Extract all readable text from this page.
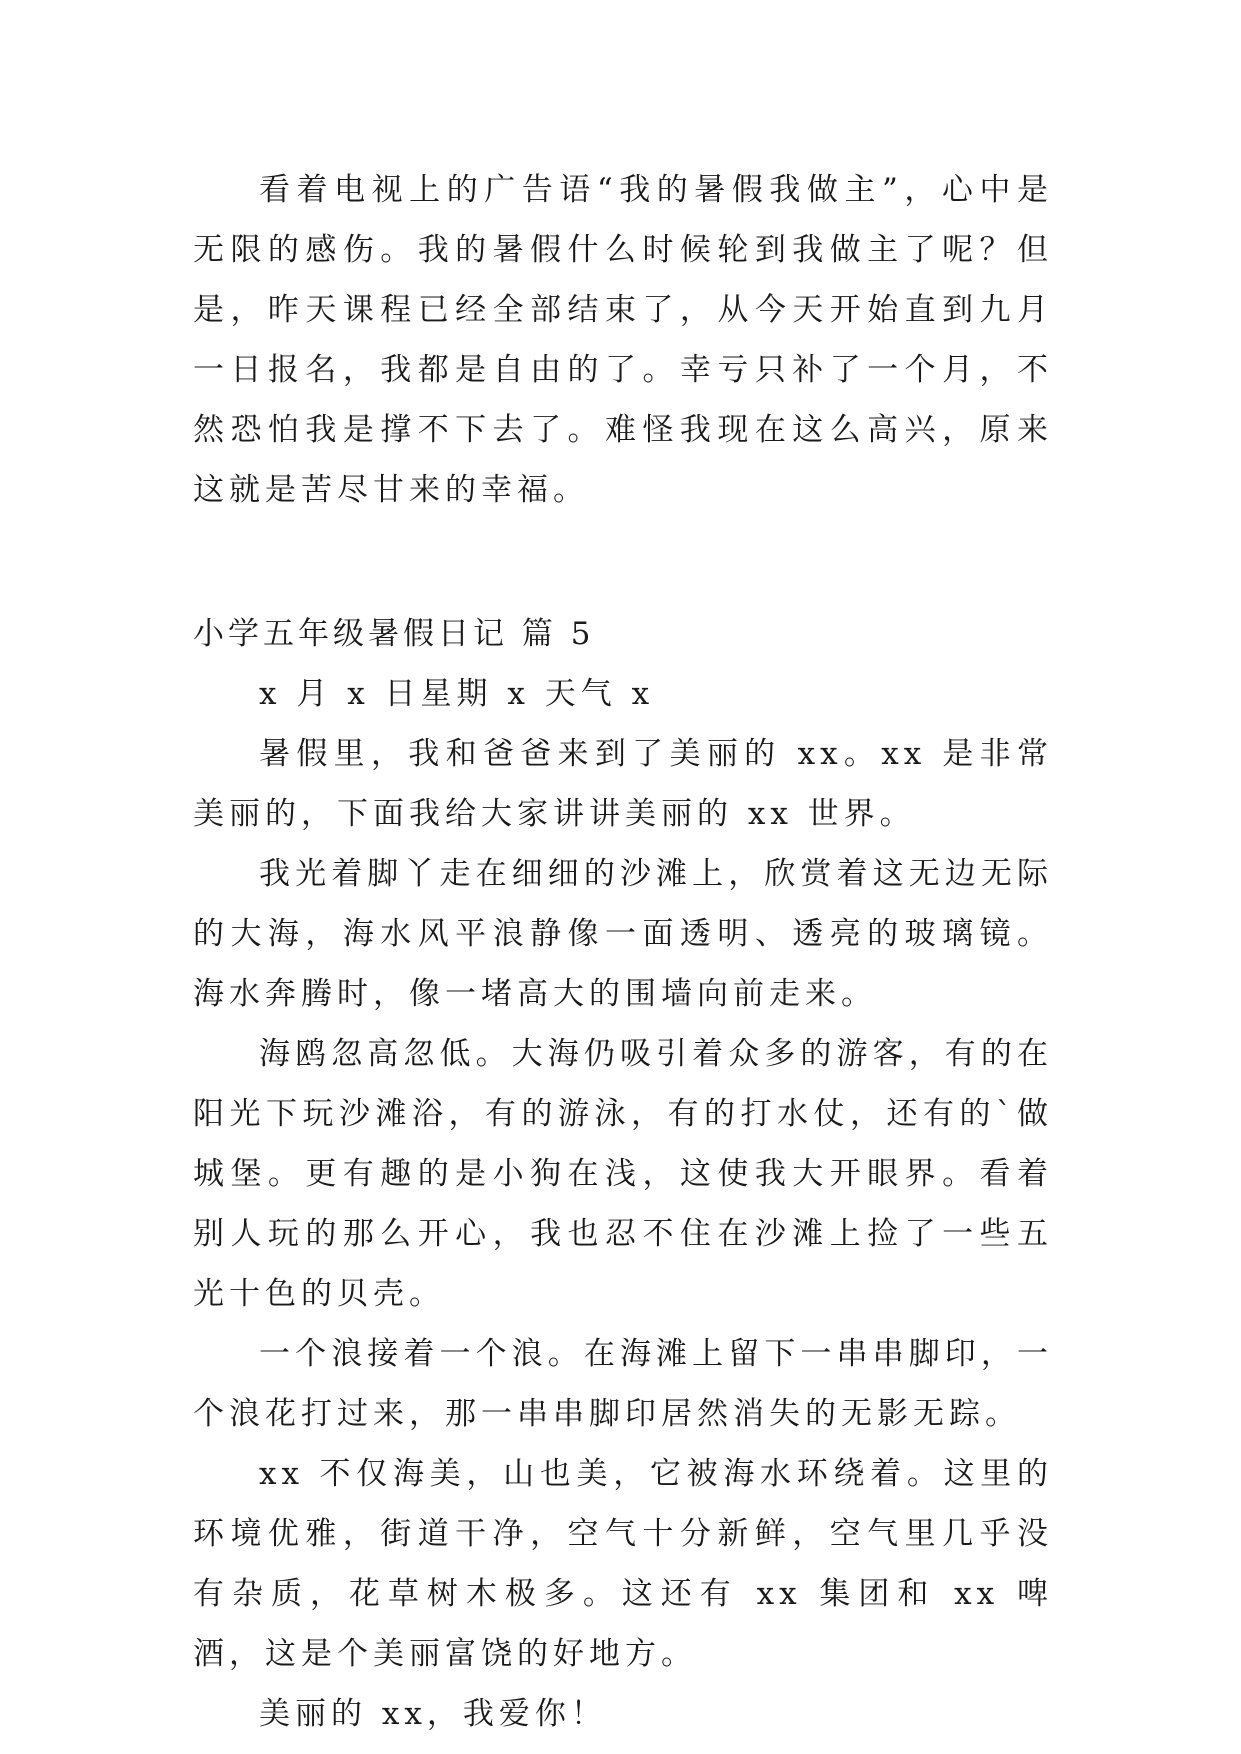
看着电视上的广告语“我的暑假我做主”，心中是无限的感伤。我的暑假什么时候轮到我做主了呢？但是，昨天课程已经全部结束了，从今天开始直到九月一日报名，我都是自由的了。幸亏只补了一个月，不然恐怕我是撑不下去了。难怪我现在这么高兴，原来这就是苦尽甘来的幸福。

小学五年级暑假日记 篇 5

x 月 x 日星期 x 天气 x

暑假里，我和爸爸来到了美丽的 xx。xx 是非常美丽的，下面我给大家讲讲美丽的 xx 世界。

我光着脚丫走在细细的沙滩上，欣赏着这无边无际的大海，海水风平浪静像一面透明、透亮的玻璃镜。海水奔腾时，像一堵高大的围墙向前走来。

海鸥忽高忽低。大海仍吸引着众多的游客，有的在阳光下玩沙滩浴，有的游泳，有的打水仗，还有的`做城堡。更有趣的是小狗在浅，这使我大开眼界。看着别人玩的那么开心，我也忍不住在沙滩上捡了一些五光十色的贝壳。

一个浪接着一个浪。在海滩上留下一串串脚印，一个浪花打过来，那一串串脚印居然消失的无影无踪。

xx 不仅海美，山也美，它被海水环绕着。这里的环境优雅，街道干净，空气十分新鲜，空气里几乎没有杂质，花草树木极多。这还有 xx 集团和 xx 啤酒，这是个美丽富饶的好地方。

美丽的 xx，我爱你！
